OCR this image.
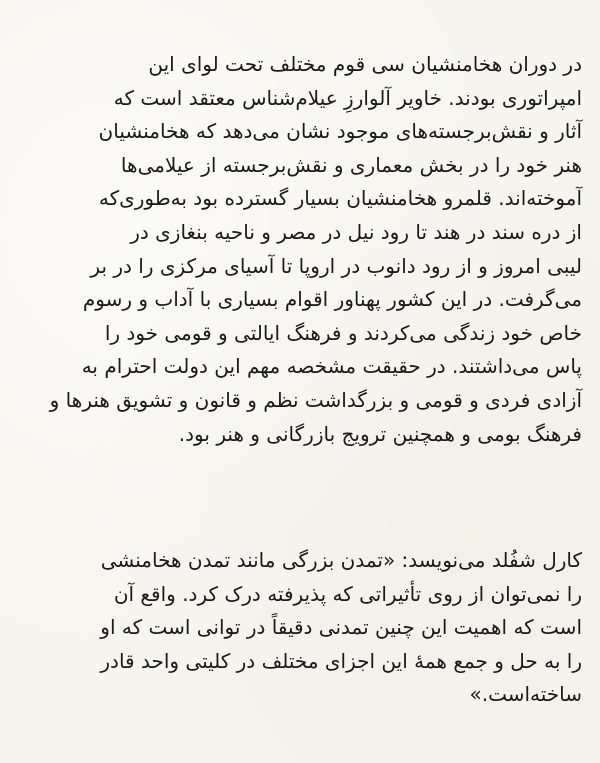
در دوران هخامنشیان سی قوم مختلف تحت لوای این
امپراتوری بودند. خاویر آلوارزِ عیلام‌شناس معتقد است که
آثار و نقش‌برجسته‌های موجود نشان می‌دهد که هخامنشیان
هنر خود را در بخش معماری و نقش‌برجسته از عیلامی‌ها
آموخته‌اند. قلمرو هخامنشیان بسیار گسترده بود به‌طوری‌که
از دره سند در هند تا رود نیل در مصر و ناحیه بنغازی در
لیبی امروز و از رود دانوب در اروپا تا آسیای مرکزی را در بر
می‌گرفت. در این کشور پهناور اقوام بسیاری با آداب و رسوم
خاص خود زندگی می‌کردند و فرهنگ ایالتی و قومی خود را
پاس می‌داشتند. در حقیقت مشخصه مهم این دولت احترام به
آزادی فردی و قومی و بزرگداشت نظم و قانون و تشویق هنرها و
فرهنگ بومی و همچنین ترویج بازرگانی و هنر بود.

کارل شفُلد می‌نویسد: «تمدن بزرگی مانند تمدن هخامنشی
را نمی‌توان از روی تأثیراتی که پذیرفته درک کرد. واقع آن
است که اهمیت این چنین تمدنی دقیقاً در توانی است که او
را به حل و جمع همهٔ این اجزای مختلف در کلیتی واحد قادر
ساخته‌است.»
